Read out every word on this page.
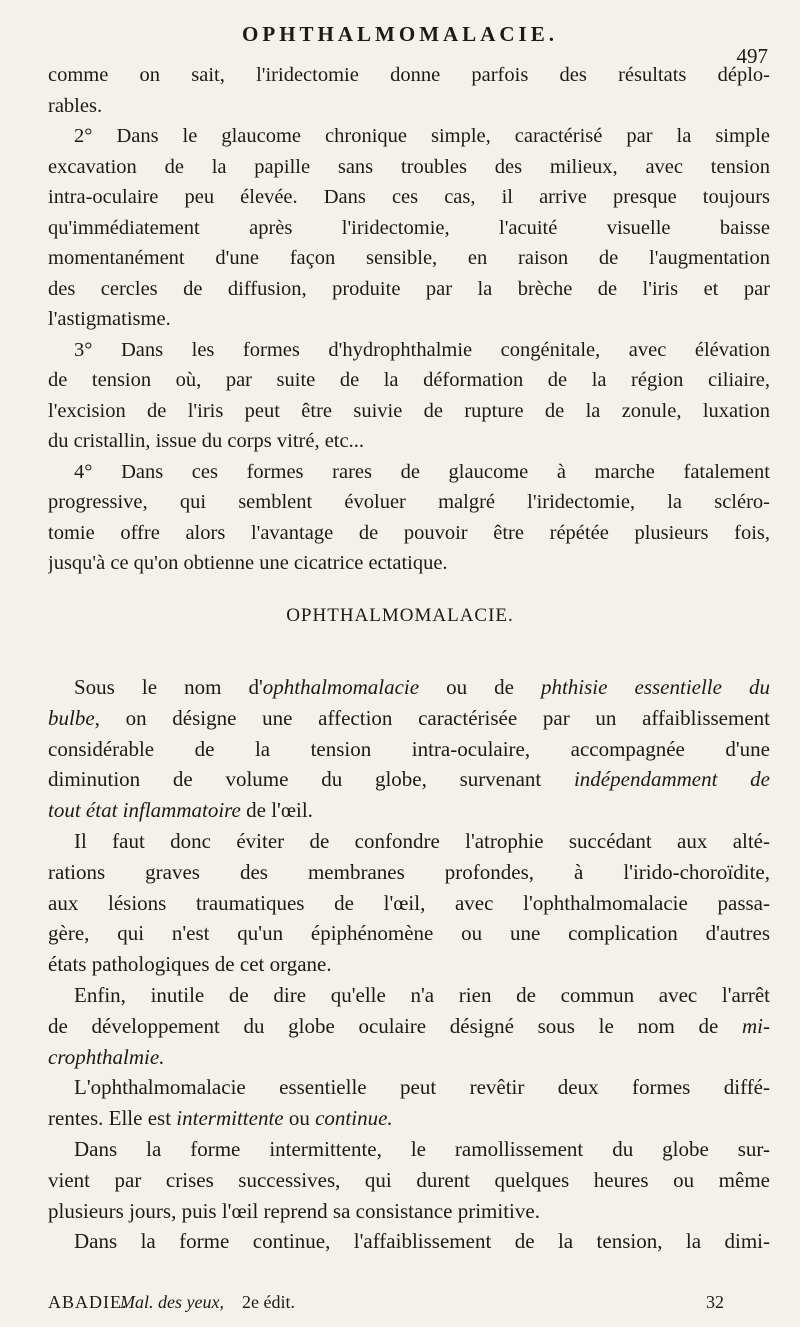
OPHTHALMOMALACIE.
497
comme on sait, l'iridectomie donne parfois des résultats déplo-
rables.
2° Dans le glaucome chronique simple, caractérisé par la simple
excavation de la papille sans troubles des milieux, avec tension
intra-oculaire peu élevée. Dans ces cas, il arrive presque toujours
qu'immédiatement après l'iridectomie, l'acuité visuelle baisse
momentanément d'une façon sensible, en raison de l'augmentation
des cercles de diffusion, produite par la brèche de l'iris et par
l'astigmatisme.
3° Dans les formes d'hydrophthalmie congénitale, avec élévation
de tension où, par suite de la déformation de la région ciliaire,
l'excision de l'iris peut être suivie de rupture de la zonule, luxation
du cristallin, issue du corps vitré, etc...
4° Dans ces formes rares de glaucome à marche fatalement
progressive, qui semblent évoluer malgré l'iridectomie, la scléro-
tomie offre alors l'avantage de pouvoir être répétée plusieurs fois,
jusqu'à ce qu'on obtienne une cicatrice ectatique.
OPHTHALMOMALACIE.
Sous le nom d'ophthalmomalacie ou de phthisie essentielle du
bulbe, on désigne une affection caractérisée par un affaiblissement
considérable de la tension intra-oculaire, accompagnée d'une
diminution de volume du globe, survenant indépendamment de
tout état inflammatoire de l'œil.
Il faut donc éviter de confondre l'atrophie succédant aux alté-
rations graves des membranes profondes, à l'irido-choroïdite,
aux lésions traumatiques de l'œil, avec l'ophthalmomalacie passa-
gère, qui n'est qu'un épiphénomène ou une complication d'autres
états pathologiques de cet organe.
Enfin, inutile de dire qu'elle n'a rien de commun avec l'arrêt
de développement du globe oculaire désigné sous le nom de mi-
crophthalmie.
L'ophthalmomalacie essentielle peut revêtir deux formes diffé-
rentes. Elle est intermittente ou continue.
Dans la forme intermittente, le ramollissement du globe sur-
vient par crises successives, qui durent quelques heures ou même
plusieurs jours, puis l'œil reprend sa consistance primitive.
Dans la forme continue, l'affaiblissement de la tension, la dimi-
ABADIE.
Mal. des yeux, 2e édit.	32
